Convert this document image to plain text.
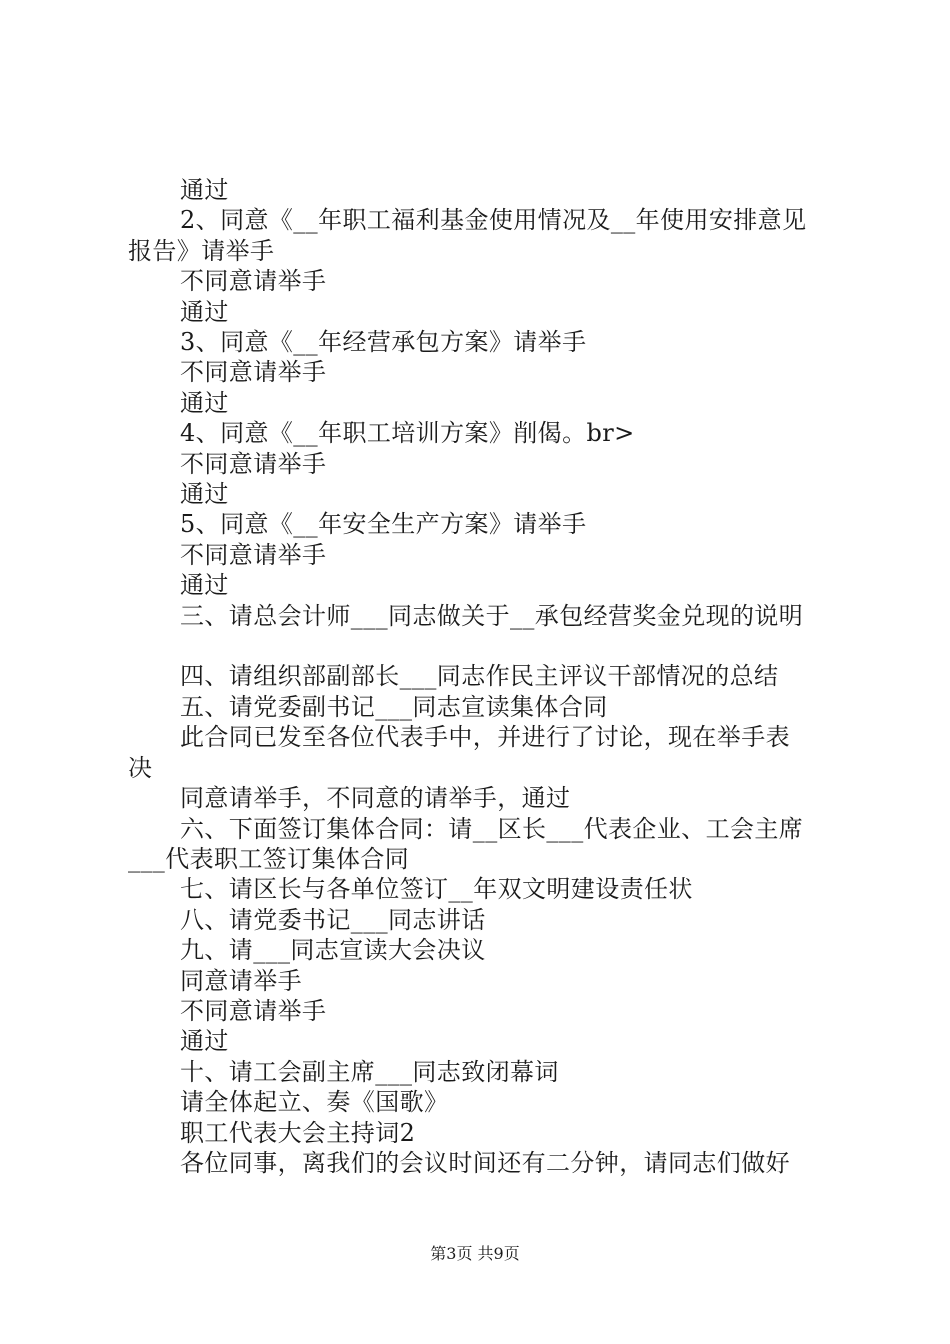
通过
2、同意《__年职工福利基金使用情况及__年使用安排意见
报告》请举手
不同意请举手
通过
3、同意《__年经营承包方案》请举手
不同意请举手
通过
4、同意《__年职工培训方案》削偈。br>
不同意请举手
通过
5、同意《__年安全生产方案》请举手
不同意请举手
通过
三、请总会计师___同志做关于__承包经营奖金兑现的说明
四、请组织部副部长___同志作民主评议干部情况的总结
五、请党委副书记___同志宣读集体合同
此合同已发至各位代表手中，并进行了讨论，现在举手表
决
同意请举手，不同意的请举手，通过
六、下面签订集体合同：请__区长___代表企业、工会主席
___代表职工签订集体合同
七、请区长与各单位签订__年双文明建设责任状
八、请党委书记___同志讲话
九、请___同志宣读大会决议
同意请举手
不同意请举手
通过
十、请工会副主席___同志致闭幕词
请全体起立、奏《国歌》
职工代表大会主持词2
各位同事，离我们的会议时间还有二分钟，请同志们做好
第3页 共9页
